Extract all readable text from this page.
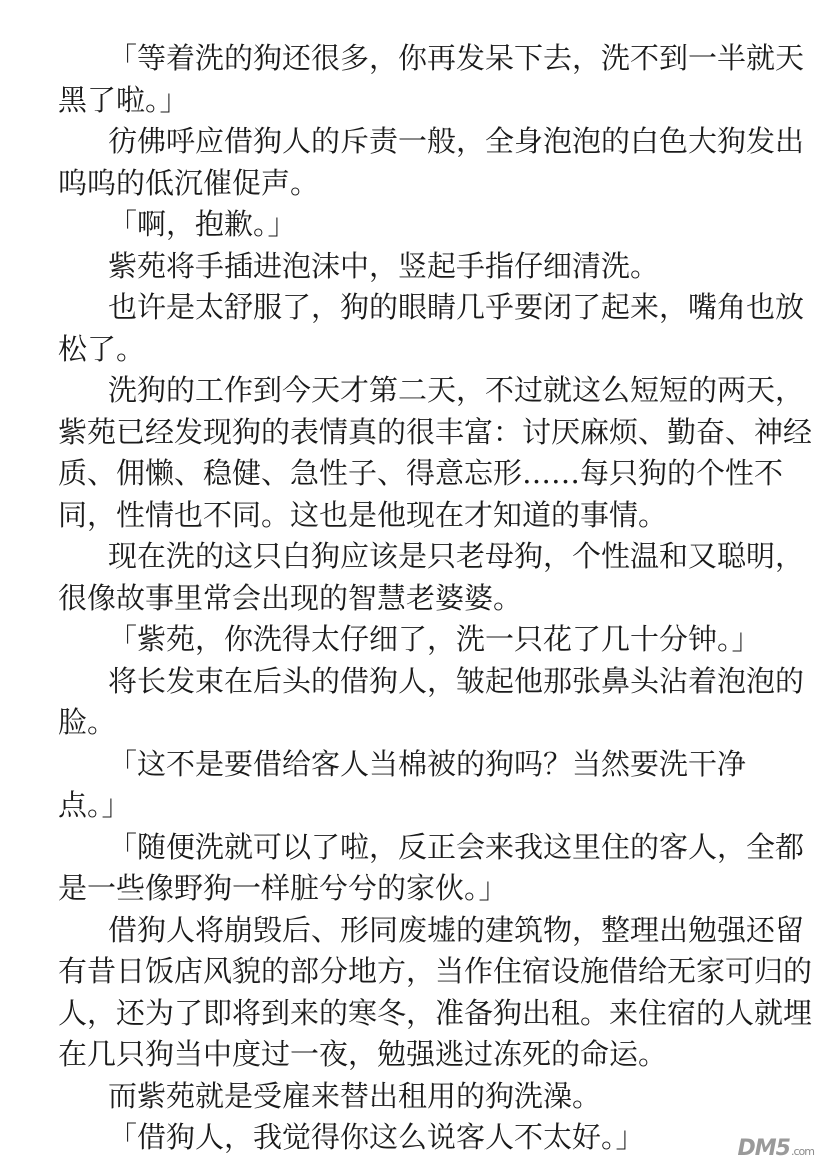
「等着洗的狗还很多，你再发呆下去，洗不到一半就天
黑了啦。」
彷佛呼应借狗人的斥责一般，全身泡泡的白色大狗发出
呜呜的低沉催促声。
「啊，抱歉。」
紫苑将手插进泡沫中，竖起手指仔细清洗。
也许是太舒服了，狗的眼睛几乎要闭了起来，嘴角也放
松了。
洗狗的工作到今天才第二天，不过就这么短短的两天，
紫苑已经发现狗的表情真的很丰富：讨厌麻烦、勤奋、神经
质、佣懒、稳健、急性子、得意忘形……每只狗的个性不
同，性情也不同。这也是他现在才知道的事情。
现在洗的这只白狗应该是只老母狗，个性温和又聪明，
很像故事里常会出现的智慧老婆婆。
「紫苑，你洗得太仔细了，洗一只花了几十分钟。」
将长发束在后头的借狗人，皱起他那张鼻头沾着泡泡的
脸。
「这不是要借给客人当棉被的狗吗？当然要洗干净
点。」
「随便洗就可以了啦，反正会来我这里住的客人，全都
是一些像野狗一样脏兮兮的家伙。」
借狗人将崩毁后、形同废墟的建筑物，整理出勉强还留
有昔日饭店风貌的部分地方，当作住宿设施借给无家可归的
人，还为了即将到来的寒冬，准备狗出租。来住宿的人就埋
在几只狗当中度过一夜，勉强逃过冻死的命运。
而紫苑就是受雇来替出租用的狗洗澡。
「借狗人，我觉得你这么说客人不太好。」	DM5.com
